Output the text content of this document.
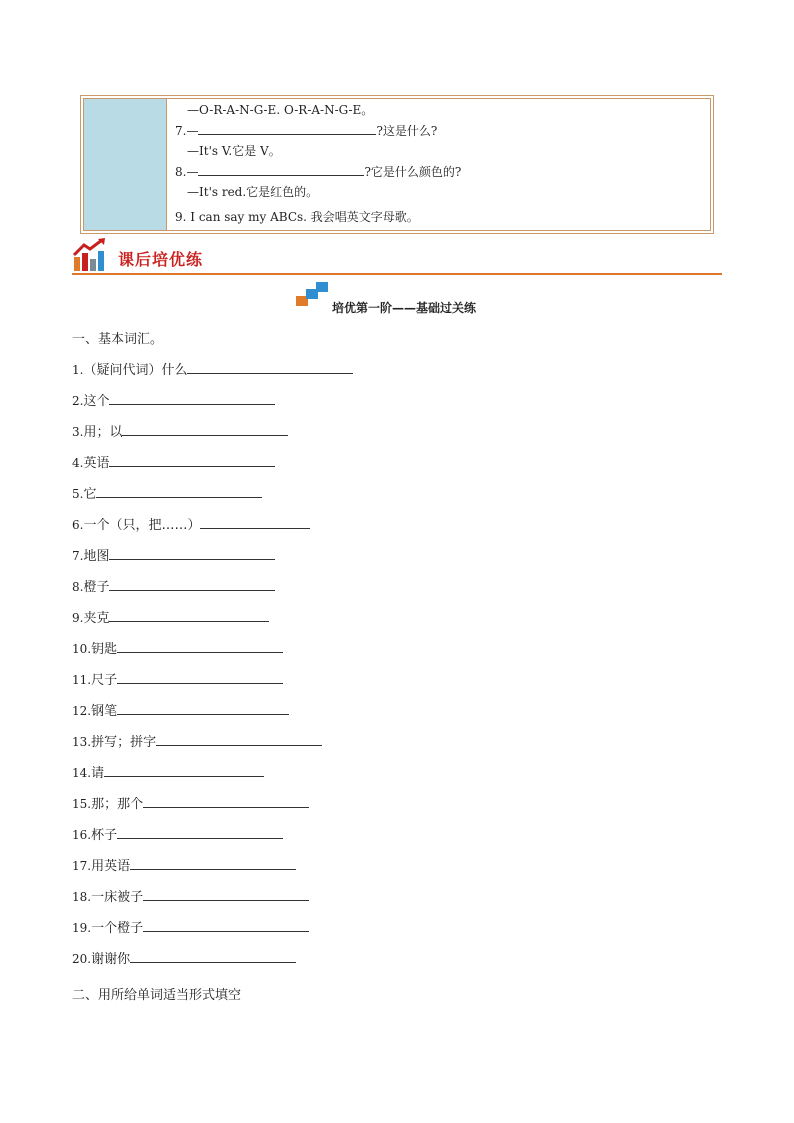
—O-R-A-N-G-E. O-R-A-N-G-E。
7.—	?这是什么?
—It's V.它是 V。
8.—	?它是什么颜色的?
—It's red.它是红色的。
9. I can say my ABCs. 我会唱英文字母歌。
课后培优练
培优第一阶——基础过关练
一、基本词汇。
1.（疑问代词）什么
2.这个
3.用；以
4.英语
5.它
6.一个（只，把……）
7.地图
8.橙子
9.夹克
10.钥匙
11.尺子
12.钢笔
13.拼写；拼字
14.请
15.那；那个
16.杯子
17.用英语
18.一床被子
19.一个橙子
20.谢谢你
二、用所给单词适当形式填空
